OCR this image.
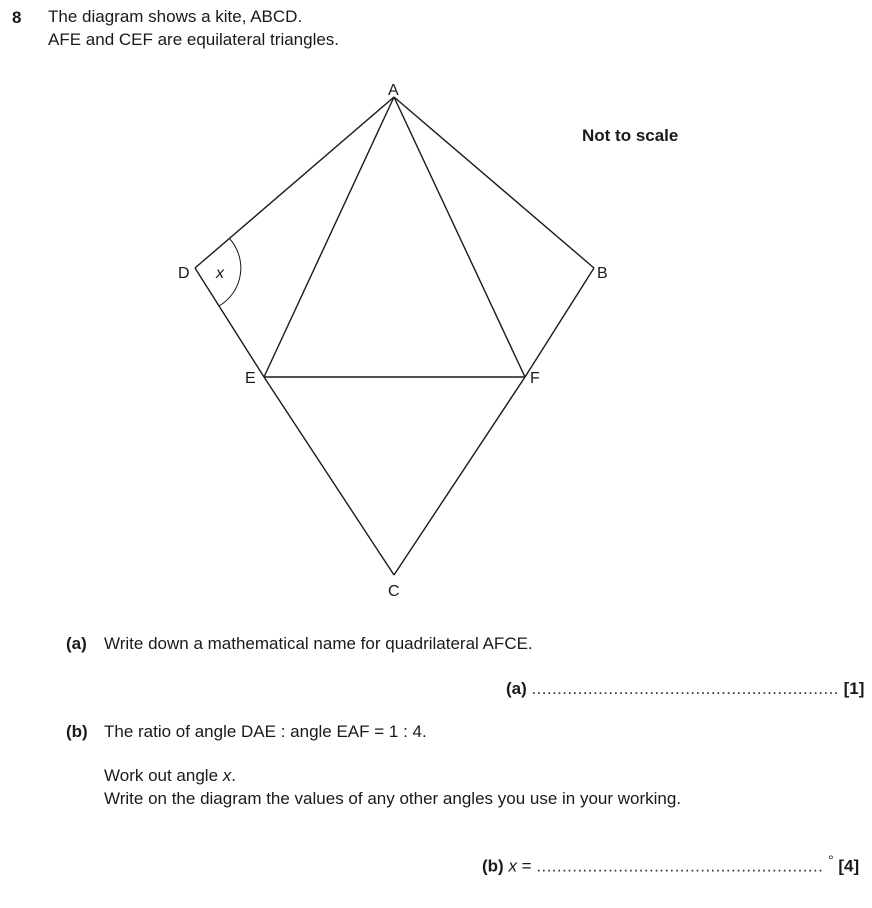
8 The diagram shows a kite, ABCD.
AFE and CEF are equilateral triangles.
A
B
C
D
E	F
x
Not to scale
(a) Write down a mathematical name for quadrilateral AFCE.
(a) ............................................................ [1]
(b) The ratio of angle DAE : angle EAF = 1 : 4.
Work out angle x.
Write on the diagram the values of any other angles you use in your working.
(b) x = ........................................................ ° [4]
